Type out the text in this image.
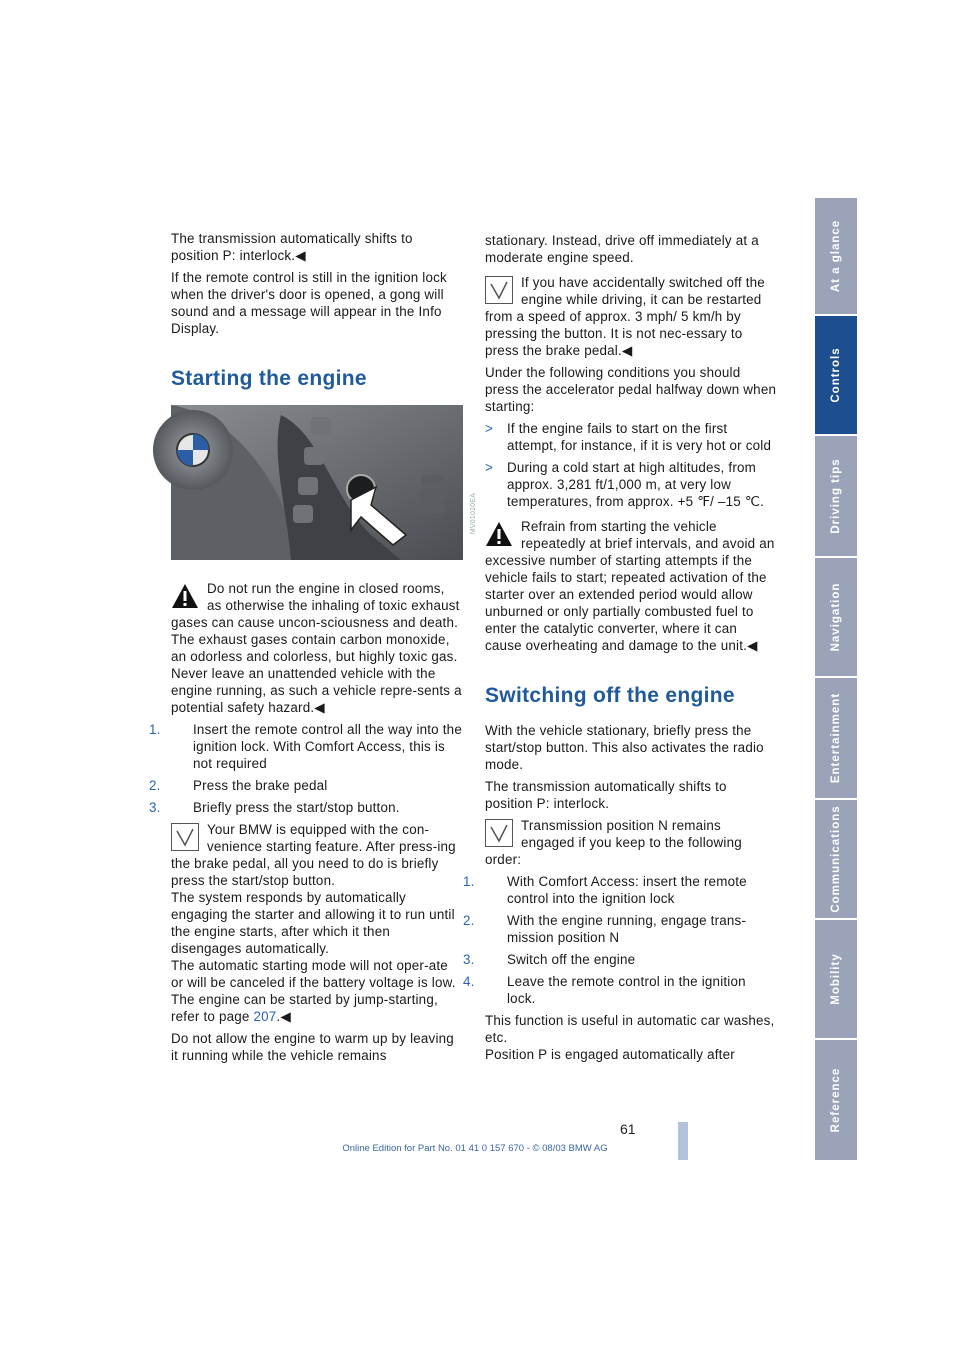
The transmission automatically shifts to position P: interlock.◀

If the remote control is still in the ignition lock when the driver's door is opened, a gong will sound and a message will appear in the Info Display.

Starting the engine
MV01010EA
Do not run the engine in closed rooms, as otherwise the inhaling of toxic exhaust gases can cause uncon-sciousness and death. The exhaust gases contain carbon monoxide, an odorless and colorless, but highly toxic gas.
Never leave an unattended vehicle with the engine running, as such a vehicle repre-sents a potential safety hazard.◀

1. Insert the remote control all the way into the ignition lock. With Comfort Access, this is not required

2. Press the brake pedal

3. Briefly press the start/stop button.

Your BMW is equipped with the con-venience starting feature. After press-ing the brake pedal, all you need to do is briefly press the start/stop button.
The system responds by automatically engaging the starter and allowing it to run until the engine starts, after which it then disengages automatically.
The automatic starting mode will not oper-ate or will be canceled if the battery voltage is low. The engine can be started by jump-starting, refer to page 207.◀

Do not allow the engine to warm up by leaving it running while the vehicle remains

stationary. Instead, drive off immediately at a moderate engine speed.

If you have accidentally switched off the engine while driving, it can be restarted from a speed of approx. 3 mph/ 5 km/h by pressing the button. It is not nec-essary to press the brake pedal.◀

Under the following conditions you should press the accelerator pedal halfway down when starting:

> If the engine fails to start on the first attempt, for instance, if it is very hot or cold

> During a cold start at high altitudes, from approx. 3,281 ft/1,000 m, at very low temperatures, from approx. +5 ℉/ –15 ℃.

Refrain from starting the vehicle repeatedly at brief intervals, and avoid an excessive number of starting attempts if the vehicle fails to start; repeated activation of the starter over an extended period would allow unburned or only partially combusted fuel to enter the catalytic converter, where it can cause overheating and damage to the unit.◀
Switching off the engine

With the vehicle stationary, briefly press the start/stop button. This also activates the radio mode.

The transmission automatically shifts to position P: interlock.

Transmission position N remains engaged if you keep to the following order:

1. With Comfort Access: insert the remote control into the ignition lock

2. With the engine running, engage trans-mission position N

3. Switch off the engine

4. Leave the remote control in the ignition lock.

This function is useful in automatic car washes, etc.

Position P is engaged automatically after

At a glance
Controls
Driving tips
Navigation
Entertainment
Communications
Mobility
Reference
61
Online Edition for Part No. 01 41 0 157 670 - © 08/03 BMW AG
